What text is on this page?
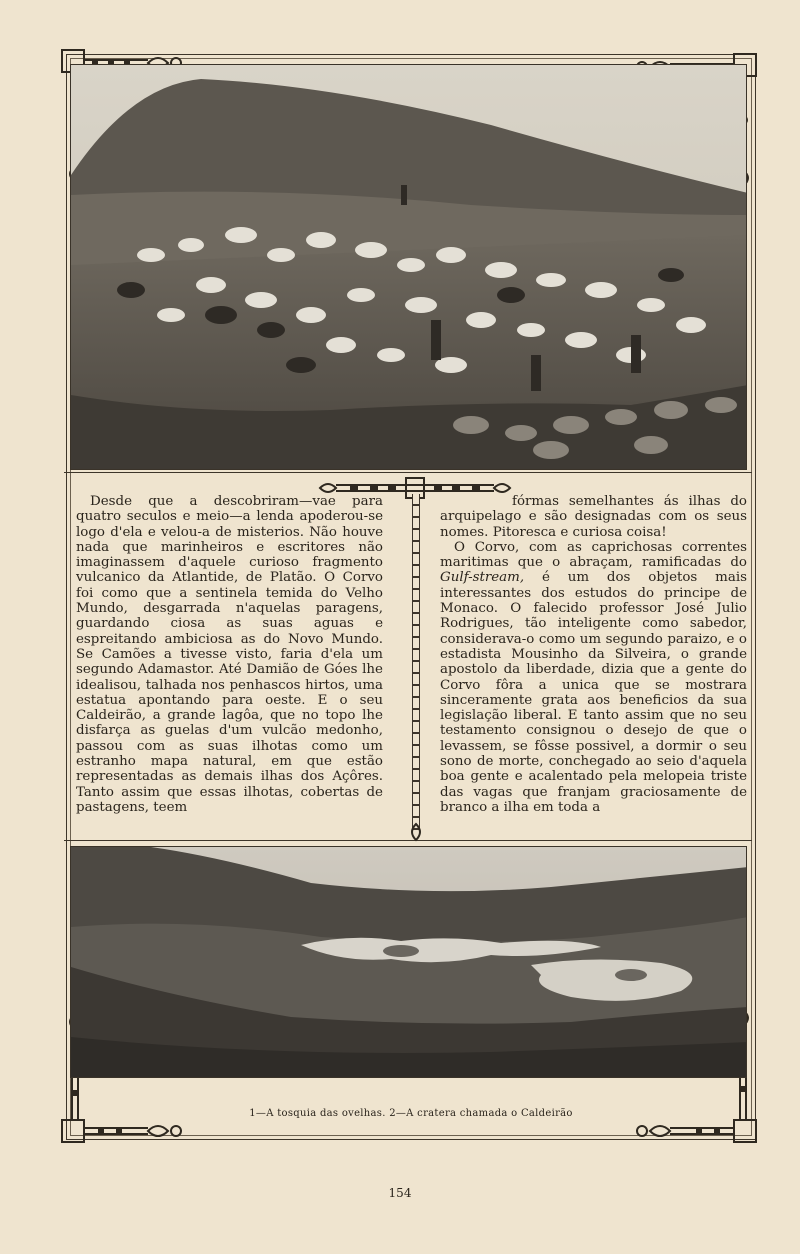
Desde que a descobriram—vae para quatro seculos e meio—a lenda apoderou-se logo d'ela e velou-a de misterios. Não houve nada que marinheiros e escritores não imaginassem d'aquele curioso fragmento vulcanico da Atlantide, de Platão. O Corvo foi como que a sentinela temida do Velho Mundo, desgarrada n'aquelas paragens, guardando ciosa as suas aguas e espreitando ambiciosa as do Novo Mundo. Se Camões a tivesse visto, faria d'ela um segundo Adamastor. Até Damião de Góes lhe idealisou, talhada nos penhascos hirtos, uma estatua apontando para oeste. E o seu Caldeirão, a grande lagôa, que no topo lhe disfarça as guelas d'um vulcão medonho, passou com as suas ilhotas como um estranho mapa natural, em que estão representadas as demais ilhas dos Açôres. Tanto assim que essas ilhotas, cobertas de pastagens, teem

fórmas semelhantes ás ilhas do arquipelago e são designadas com os seus nomes. Pitoresca e curiosa coisa!

O Corvo, com as caprichosas correntes maritimas que o abraçam, ramificadas do Gulf-stream, é um dos objetos mais interessantes dos estudos do principe de Monaco. O falecido professor José Julio Rodrigues, tão inteligente como sabedor, considerava-o como um segundo paraizo, e o estadista Mousinho da Silveira, o grande apostolo da liberdade, dizia que a gente do Corvo fôra a unica que se mostrara sinceramente grata aos beneficios da sua legislação liberal. E tanto assim que no seu testamento consignou o desejo de que o levassem, se fôsse possivel, a dormir o seu sono de morte, conchegado ao seio d'aquela boa gente e acalentado pela melopeia triste das vagas que franjam graciosamente de branco a ilha em toda a

1—A tosquia das ovelhas. 2—A cratera chamada o Caldeirão
154
